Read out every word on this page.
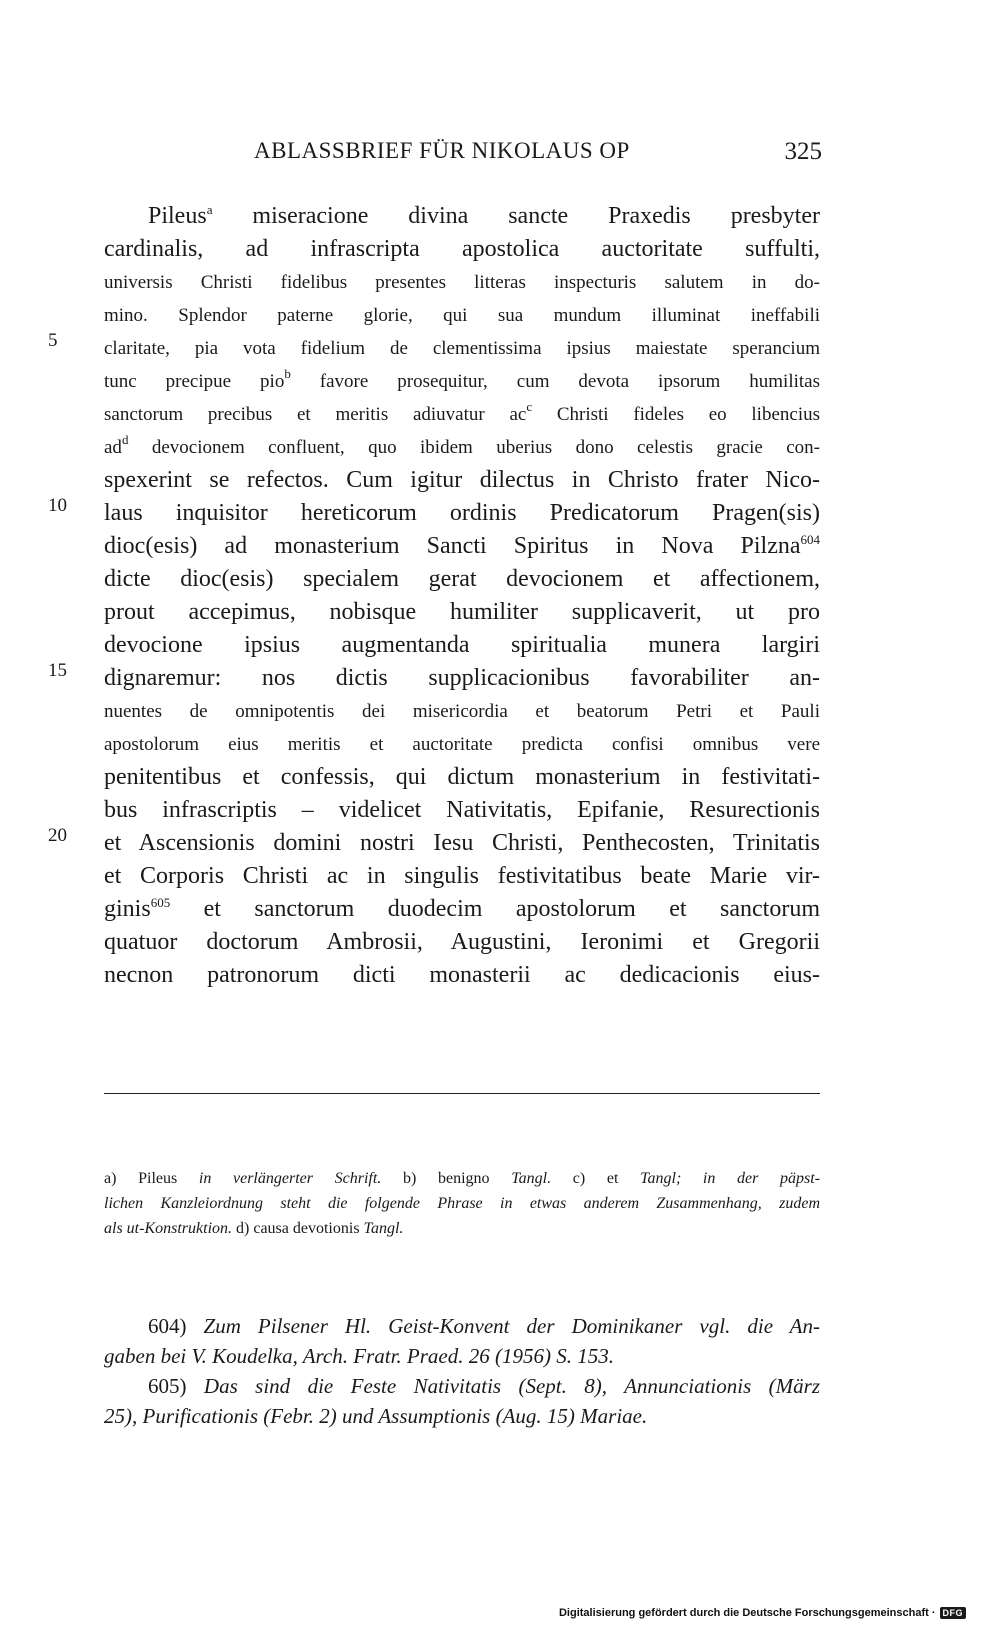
ABLASSBRIEF FÜR NIKOLAUS OP	325
5
10
15
20
Pileus$^a$ miseracione divina sancte Praxedis presbyter
cardinalis, ad infrascripta apostolica auctoritate suffulti,
universis Christi fidelibus presentes litteras inspecturis salutem in do-
mino. Splendor paterne glorie, qui sua mundum illuminat ineffabili
claritate, pia vota fidelium de clementissima ipsius maiestate sperancium
tunc precipue pio$^b$ favore prosequitur, cum devota ipsorum humilitas
sanctorum precibus et meritis adiuvatur $ac^c$ Christi fideles eo libencius
$ad^d$ devocionem confluent, quo ibidem uberius dono celestis gracie con-
spexerint se refectos. Cum igitur dilectus in Christo frater Nico-
laus inquisitor hereticorum ordinis Predicatorum Pragen(sis)
dioc(esis) ad monasterium Sancti Spiritus in Nova Pilzna$^{604}$
dicte dioc(esis) specialem gerat devocionem et affectionem,
prout accepimus, nobisque humiliter supplicaverit, ut pro
devocione ipsius augmentanda spiritualia munera largiri
dignaremur: nos dictis supplicacionibus favorabiliter an-
nuentes de omnipotentis dei misericordia et beatorum Petri et Pauli
apostolorum eius meritis et auctoritate predicta confisi omnibus vere
penitentibus et confessis, qui dictum monasterium in festivitati-
bus infrascriptis – videlicet Nativitatis, Epifanie, Resurectionis
et Ascensionis domini nostri Iesu Christi, Penthecosten, Trinitatis
et Corporis Christi ac in singulis festivitatibus beate Marie vir-
ginis$^{605}$ et sanctorum duodecim apostolorum et sanctorum
quatuor doctorum Ambrosii, Augustini, Ieronimi et Gregorii
necnon patronorum dicti monasterii ac dedicacionis eius-
a) Pileus in verlängerter Schrift. b) benigno Tangl. c) et Tangl; in der päpst-
lichen Kanzleiordnung steht die folgende Phrase in etwas anderem Zusammenhang, zudem
als ut-Konstruktion. d) causa devotionis Tangl.
604) Zum Pilsener Hl. Geist-Konvent der Dominikaner vgl. die An-
gaben bei V. Koudelka, Arch. Fratr. Praed. 26 (1956) S. 153.
605) Das sind die Feste Nativitatis (Sept. 8), Annunciationis (März
25), Purificationis (Febr. 2) und Assumptionis (Aug. 15) Mariae.
Digitalisierung gefördert durch die Deutsche Forschungsgemeinschaft · DFG
